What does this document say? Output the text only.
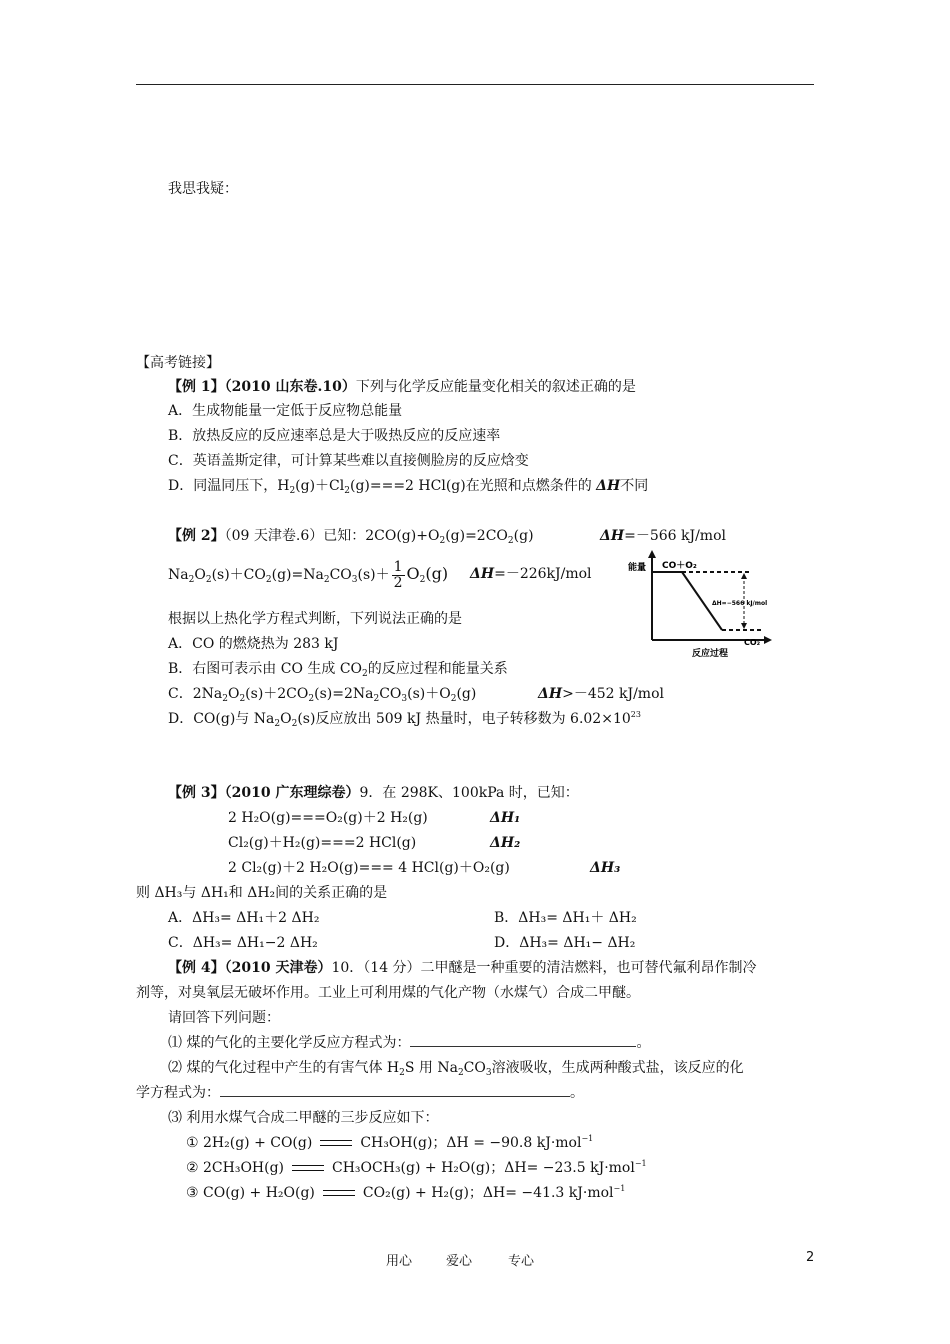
我思我疑：
【高考链接】
【例 1】（2010 山东卷.10）下列与化学反应能量变化相关的叙述正确的是
A．生成物能量一定低于反应物总能量
B．放热反应的反应速率总是大于吸热反应的反应速率
C．英语盖斯定律，可计算某些难以直接侧脸房的反应焓变
D．同温同压下，$H_2(g)+Cl_2(g)===2$ HCl(g)在光照和点燃条件的 ΔH不同
【例 2】（09 天津卷.6）已知：$2CO(g)+O_2(g)=2CO_2(g)$	ΔH=－566 kJ/mol
$Na_2O_2(s)+CO_2(g)=Na_2CO_3(s)+ \frac{1}{2} O_2(g)$ ΔH=－226kJ/mol
根据以上热化学方程式判断，下列说法正确的是
A．CO 的燃烧热为 283 kJ
B．右图可表示由 CO 生成 $CO_2$的反应过程和能量关系
C．$2Na_2O_2(s)+2CO_2(s)=2Na_2CO_3(s)+O_2(g)$	ΔH>－452 kJ/mol
D．CO(g)与 $Na_2O_2(s)$反应放出 509 kJ 热量时，电子转移数为 $6.02\times 10^{23}$
能量 CO＋O₂
CO₂
ΔH=−566 kJ/mol
反应过程
【例 3】（2010 广东理综卷）9．在 298K、100kPa 时，已知：
2 H₂O(g)===O₂(g)＋2 H₂(g)	ΔH₁
Cl₂(g)＋H₂(g)===2 HCl(g)	ΔH₂
2 Cl₂(g)＋2 H₂O(g)=== 4 HCl(g)＋O₂(g)	ΔH₃
则 ΔH₃与 ΔH₁和 ΔH₂间的关系正确的是
A．ΔH₃= ΔH₁＋2 ΔH₂	B．ΔH₃= ΔH₁＋ ΔH₂
C．ΔH₃= ΔH₁−2 ΔH₂	D．ΔH₃= ΔH₁− ΔH₂
【例 4】（2010 天津卷）10．（14 分）二甲醚是一种重要的清洁燃料，也可替代氟利昂作制冷
剂等，对臭氧层无破坏作用。工业上可利用煤的气化产物（水煤气）合成二甲醚。
请回答下列问题：
⑴ 煤的气化的主要化学反应方程式为：	。
⑵ 煤的气化过程中产生的有害气体 $H_2S$ 用 $Na_2CO_3$溶液吸收，生成两种酸式盐，该反应的化
学方程式为：	。
⑶ 利用水煤气合成二甲醚的三步反应如下：
① 2H₂(g) + CO(g)	CH₃OH(g)；ΔH = −90.8 kJ·mol$^{-1}$
② 2CH₃OH(g)	CH₃OCH₃(g) + H₂O(g)；ΔH= −23.5 kJ·mol$^{-1}$
③ CO(g) + H₂O(g)	CO₂(g) + H₂(g)；ΔH= −41.3 kJ·mol$^{-1}$
用心	爱心	专心	2
